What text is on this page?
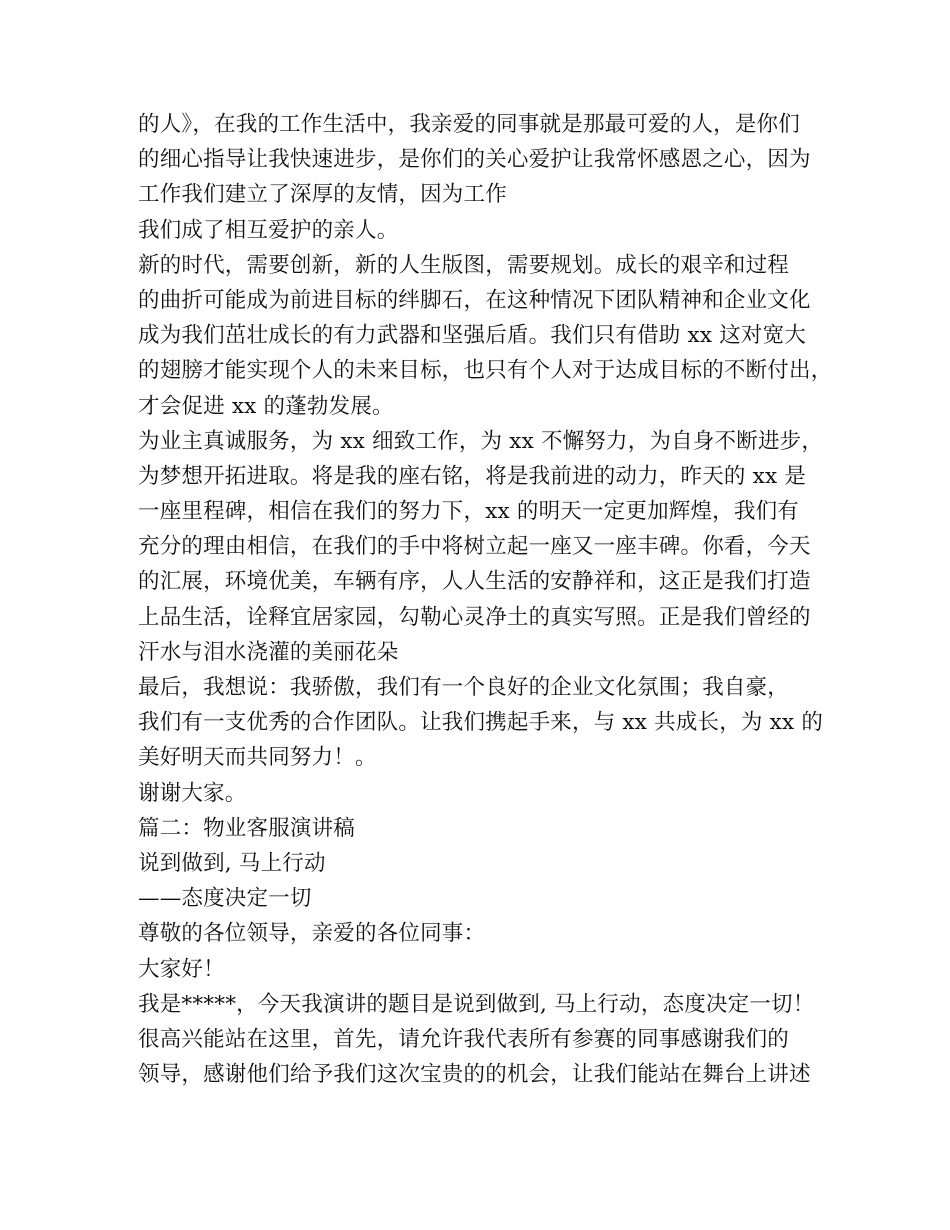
的人》，在我的工作生活中，我亲爱的同事就是那最可爱的人，是你们
的细心指导让我快速进步，是你们的关心爱护让我常怀感恩之心，因为
工作我们建立了深厚的友情，因为工作
我们成了相互爱护的亲人。
新的时代，需要创新，新的人生版图，需要规划。成长的艰辛和过程
的曲折可能成为前进目标的绊脚石，在这种情况下团队精神和企业文化
成为我们茁壮成长的有力武器和坚强后盾。我们只有借助 xx 这对宽大
的翅膀才能实现个人的未来目标，也只有个人对于达成目标的不断付出，
才会促进 xx 的蓬勃发展。
为业主真诚服务，为 xx 细致工作，为 xx 不懈努力，为自身不断进步，
为梦想开拓进取。将是我的座右铭，将是我前进的动力，昨天的 xx 是
一座里程碑，相信在我们的努力下，xx 的明天一定更加辉煌，我们有
充分的理由相信，在我们的手中将树立起一座又一座丰碑。你看，今天
的汇展，环境优美，车辆有序，人人生活的安静祥和，这正是我们打造
上品生活，诠释宜居家园，勾勒心灵净土的真实写照。正是我们曾经的
汗水与泪水浇灌的美丽花朵
最后，我想说：我骄傲，我们有一个良好的企业文化氛围；我自豪，
我们有一支优秀的合作团队。让我们携起手来，与 xx 共成长，为 xx 的
美好明天而共同努力！。
谢谢大家。
篇二：物业客服演讲稿
说到做到, 马上行动
——态度决定一切
尊敬的各位领导，亲爱的各位同事：
大家好！
我是*****，今天我演讲的题目是说到做到, 马上行动，态度决定一切！
很高兴能站在这里，首先，请允许我代表所有参赛的同事感谢我们的
领导，感谢他们给予我们这次宝贵的的机会，让我们能站在舞台上讲述
